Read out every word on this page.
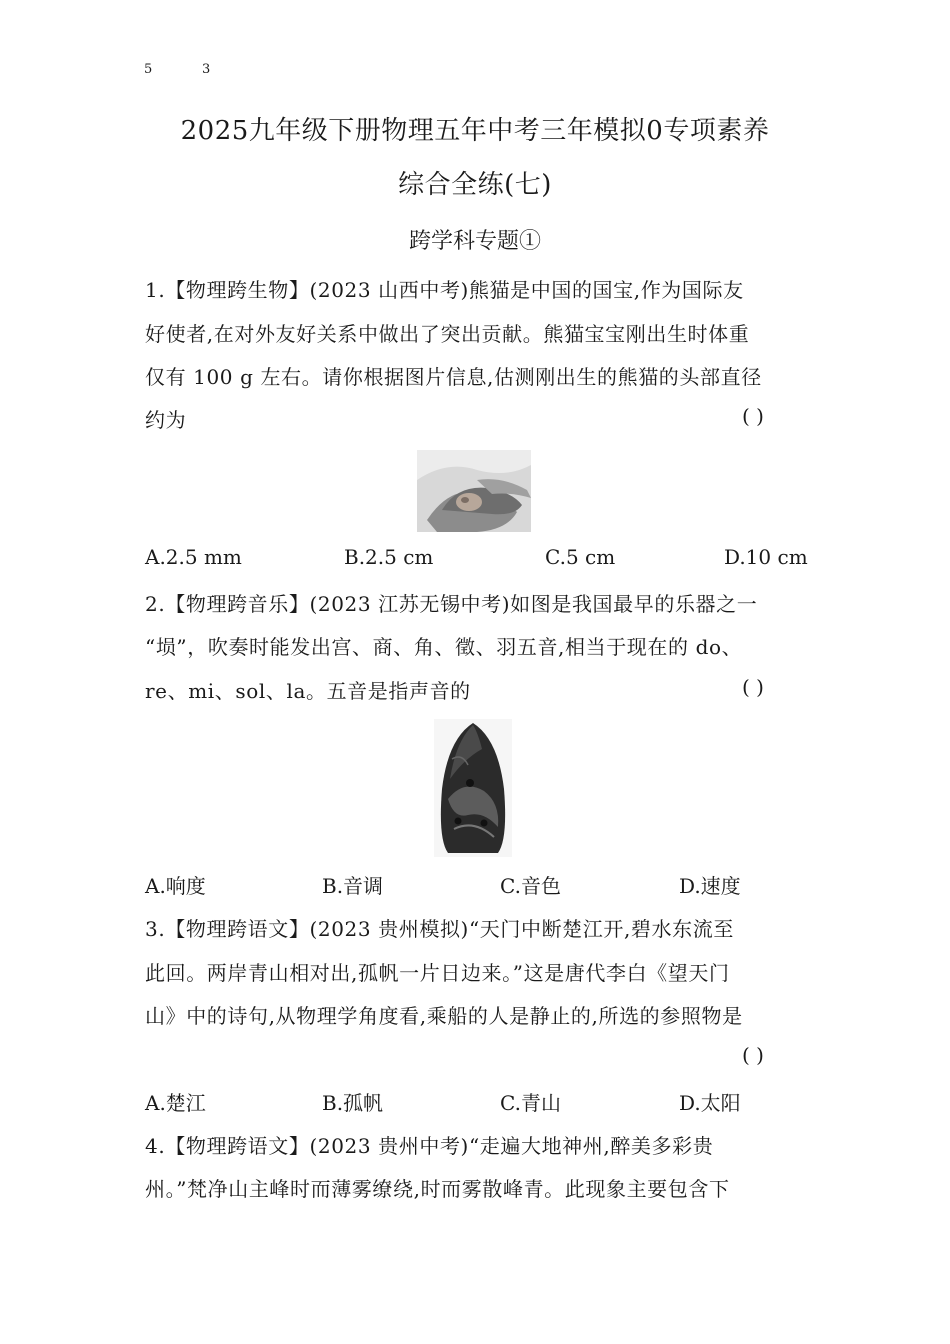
5	3
2025九年级下册物理五年中考三年模拟0专项素养
综合全练(七)
跨学科专题①
1.【物理跨生物】(2023 山西中考)熊猫是中国的国宝,作为国际友
好使者,在对外友好关系中做出了突出贡献。熊猫宝宝刚出生时体重
仅有 100 g 左右。请你根据图片信息,估测刚出生的熊猫的头部直径
约为	( )
A.2.5 mm	B.2.5 cm	C.5 cm	D.10 cm
2.【物理跨音乐】(2023 江苏无锡中考)如图是我国最早的乐器之一
“埙”，吹奏时能发出宫、商、角、徵、羽五音,相当于现在的 do、
re、mi、sol、la。五音是指声音的	( )
A.响度	B.音调	C.音色	D.速度
3.【物理跨语文】(2023 贵州模拟)“天门中断楚江开,碧水东流至
此回。两岸青山相对出,孤帆一片日边来。”这是唐代李白《望天门
山》中的诗句,从物理学角度看,乘船的人是静止的,所选的参照物是
( )
A.楚江	B.孤帆	C.青山	D.太阳
4.【物理跨语文】(2023 贵州中考)“走遍大地神州,醉美多彩贵
州。”梵净山主峰时而薄雾缭绕,时而雾散峰青。此现象主要包含下
